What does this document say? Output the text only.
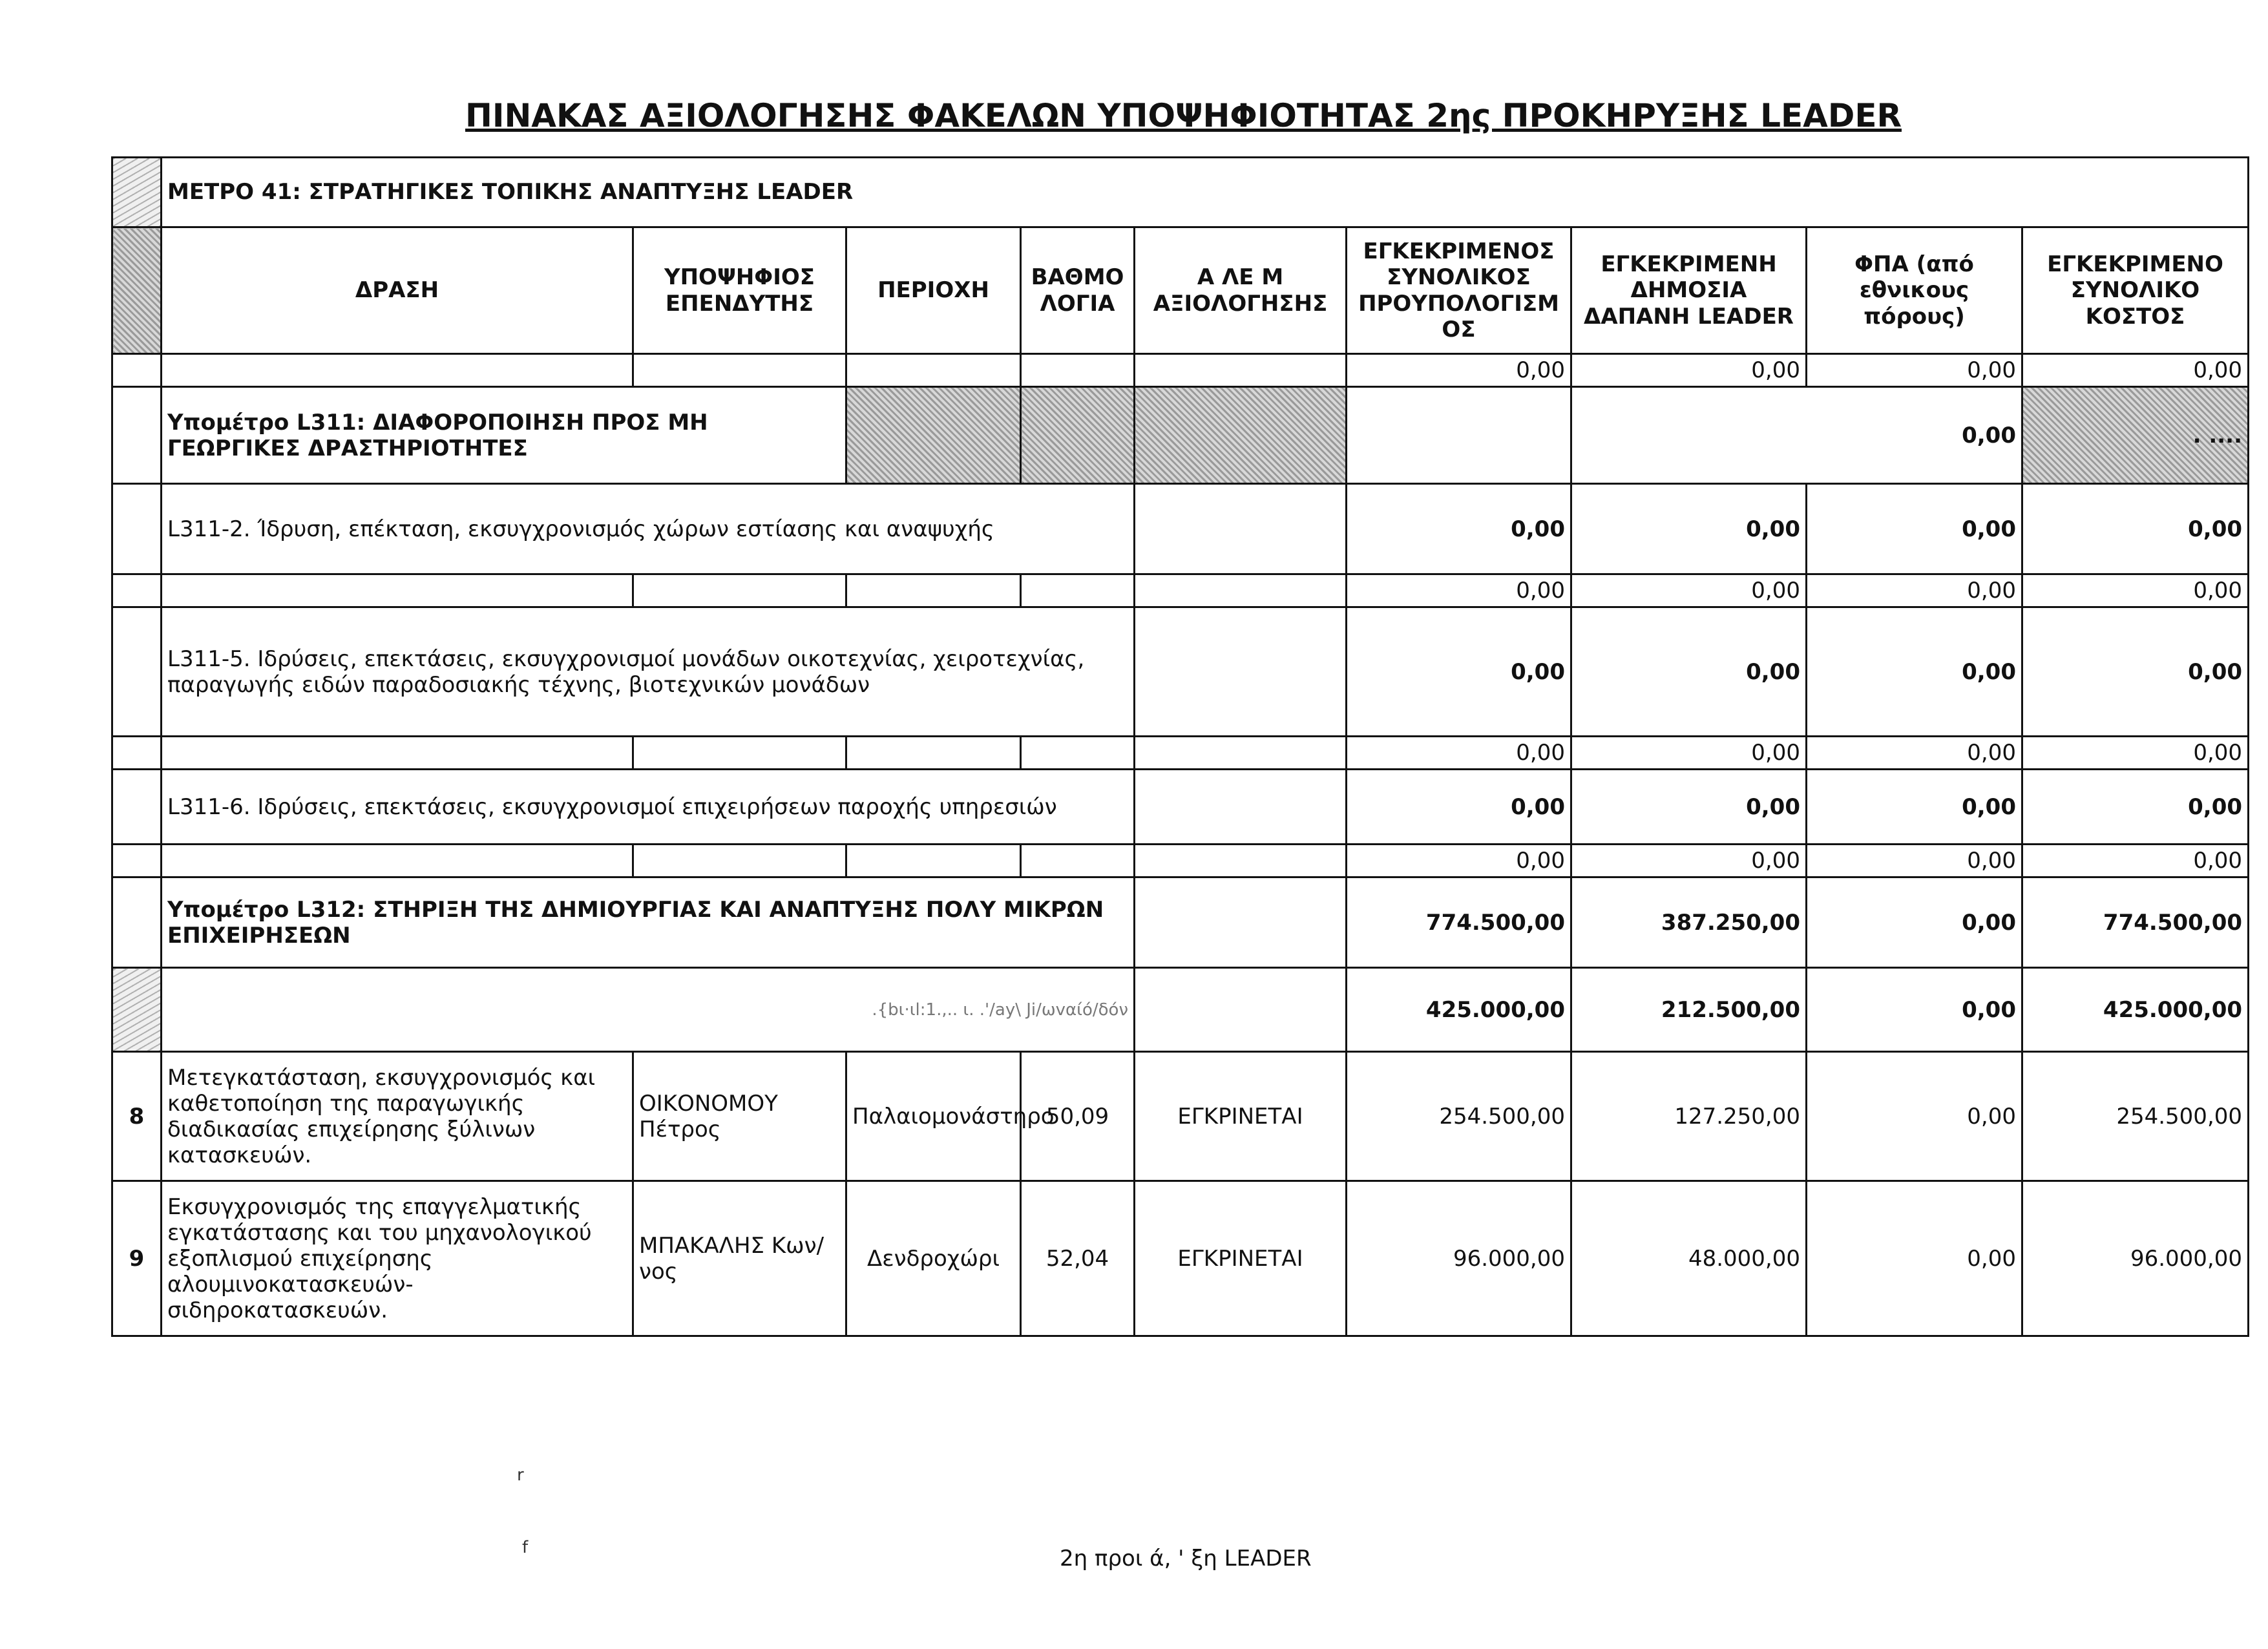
ΠΙΝΑΚΑΣ ΑΞΙΟΛΟΓΗΣΗΣ ΦΑΚΕΛΩΝ ΥΠΟΨΗΦΙΟΤΗΤΑΣ 2ης ΠΡΟΚΗΡΥΞΗΣ LEADER
	ΜΕΤΡΟ 41: ΣΤΡΑΤΗΓΙΚΕΣ ΤΟΠΙΚΗΣ ΑΝΑΠΤΥΞΗΣ LEADER								
	ΔΡΑΣΗ	ΥΠΟΨΗΦΙΟΣ ΕΠΕΝΔΥΤΗΣ	ΠΕΡΙΟΧΗ	ΒΑΘΜΟ ΛΟΓΙΑ	Α ΛΕ Μ ΑΞΙΟΛΟΓΗΣΗΣ	ΕΓΚΕΚΡΙΜΕΝΟΣ ΣΥΝΟΛΙΚΟΣ ΠΡΟΥΠΟΛΟΓΙΣΜ ΟΣ	ΕΓΚΕΚΡΙΜΕΝΗ ΔΗΜΟΣΙΑ ΔΑΠΑΝΗ LEADER	ΦΠΑ (από εθνικους πόρους)	ΕΓΚΕΚΡΙΜΕΝΟ ΣΥΝΟΛΙΚΟ ΚΟΣΤΟΣ
						0,00	0,00	0,00	0,00
	Υπομέτρο L311: ΔΙΑΦΟΡΟΠΟΙΗΣΗ ΠΡΟΣ ΜΗ ΓΕΩΡΓΙΚΕΣ ΔΡΑΣΤΗΡΙΟΤΗΤΕΣ						0,00		. ....
	L311-2. Ίδρυση, επέκταση, εκσυγχρονισμός χώρων εστίασης και αναψυχής					0,00	0,00	0,00	0,00
						0,00	0,00	0,00	0,00
	L311-5. Ιδρύσεις, επεκτάσεις, εκσυγχρονισμοί μονάδων οικοτεχνίας, χειροτεχνίας, παραγωγής ειδών παραδοσιακής τέχνης, βιοτεχνικών μονάδων					0,00	0,00	0,00	0,00
						0,00	0,00	0,00	0,00
	L311-6. Ιδρύσεις, επεκτάσεις, εκσυγχρονισμοί επιχειρήσεων παροχής υπηρεσιών					0,00	0,00	0,00	0,00
						0,00	0,00	0,00	0,00
	Υπομέτρο L312: ΣΤΗΡΙΞΗ ΤΗΣ ΔΗΜΙΟΥΡΓΙΑΣ ΚΑΙ ΑΝΑΠΤΥΞΗΣ ΠΟΛΥ ΜΙΚΡΩΝ ΕΠΙΧΕΙΡΗΣΕΩΝ					774.500,00	387.250,00	0,00	774.500,00
	.{bι·ιl:1.,.. ι. .'/ay\ Ji/ωvαίό/δόν					425.000,00	212.500,00	0,00	425.000,00
8	Μετεγκατάσταση, εκσυγχρονισμός και καθετοποίηση της παραγωγικής διαδικασίας επιχείρησης ξύλινων κατασκευών.	ΟΙΚΟΝΟΜΟΥ Πέτρος	Παλαιομονάστηρο	50,09	ΕΓΚΡΙΝΕΤΑΙ	254.500,00	127.250,00	0,00	254.500,00
9	Εκσυγχρονισμός της επαγγελματικής εγκατάστασης και του μηχανολογικού εξοπλισμού επιχείρησης αλουμινοκατασκευών-σιδηροκατασκευών.	ΜΠΑΚΑΛΗΣ Κων/νος	Δενδροχώρι	52,04	ΕΓΚΡΙΝΕΤΑΙ	96.000,00	48.000,00	0,00	96.000,00
r
f	2η προι ά, ' ξη LEADER
